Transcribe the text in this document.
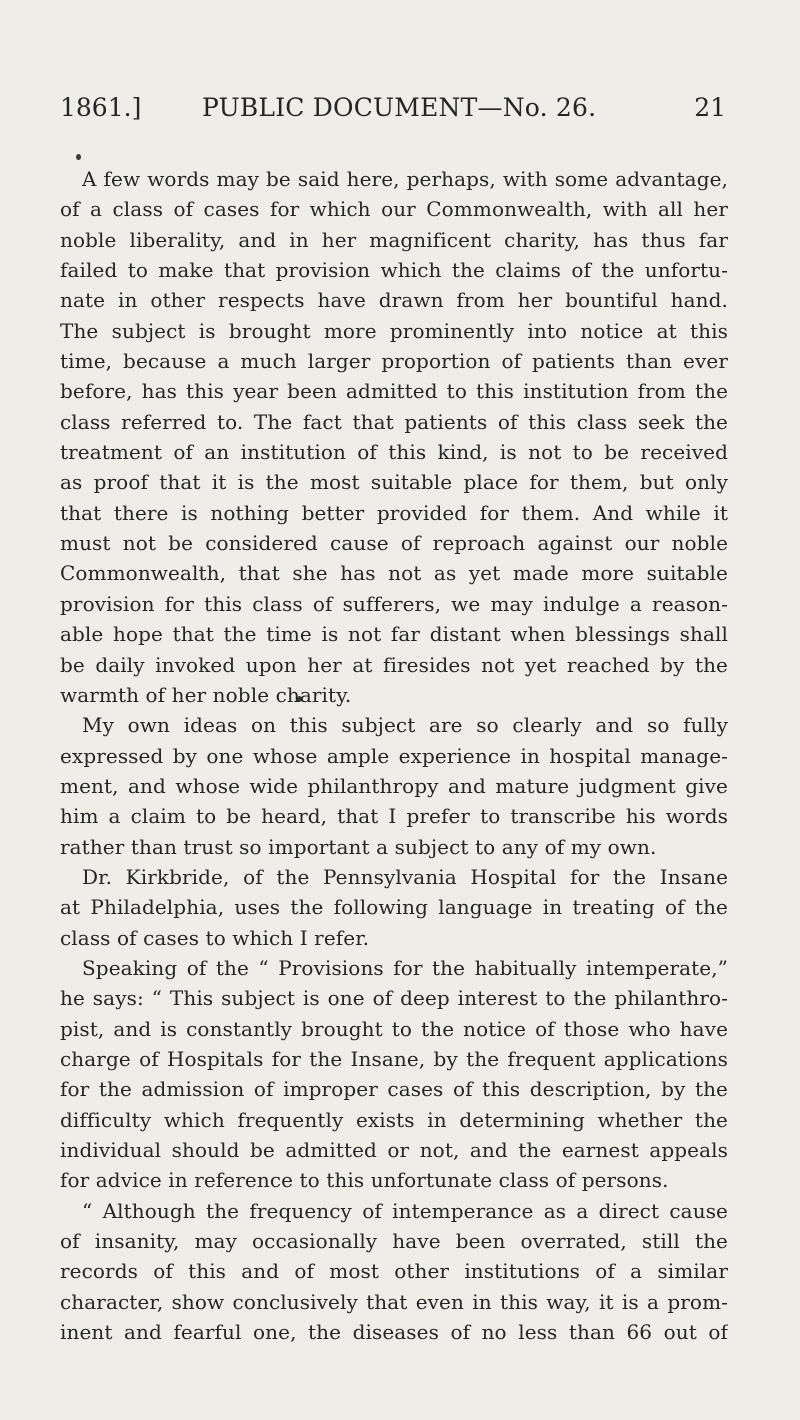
1861.] PUBLIC DOCUMENT—No. 26.	21
A few words may be said here, perhaps, with some advantage,
of a class of cases for which our Commonwealth, with all her
noble liberality, and in her magnificent charity, has thus far
failed to make that provision which the claims of the unfortu-
nate in other respects have drawn from her bountiful hand.
The subject is brought more prominently into notice at this
time, because a much larger proportion of patients than ever
before, has this year been admitted to this institution from the
class referred to. The fact that patients of this class seek the
treatment of an institution of this kind, is not to be received
as proof that it is the most suitable place for them, but only
that there is nothing better provided for them. And while it
must not be considered cause of reproach against our noble
Commonwealth, that she has not as yet made more suitable
provision for this class of sufferers, we may indulge a reason-
able hope that the time is not far distant when blessings shall
be daily invoked upon her at firesides not yet reached by the
warmth of her noble charity.
My own ideas on this subject are so clearly and so fully
expressed by one whose ample experience in hospital manage-
ment, and whose wide philanthropy and mature judgment give
him a claim to be heard, that I prefer to transcribe his words
rather than trust so important a subject to any of my own.
Dr. Kirkbride, of the Pennsylvania Hospital for the Insane
at Philadelphia, uses the following language in treating of the
class of cases to which I refer.
Speaking of the “ Provisions for the habitually intemperate,”
he says: “ This subject is one of deep interest to the philanthro-
pist, and is constantly brought to the notice of those who have
charge of Hospitals for the Insane, by the frequent applications
for the admission of improper cases of this description, by the
difficulty which frequently exists in determining whether the
individual should be admitted or not, and the earnest appeals
for advice in reference to this unfortunate class of persons.
“ Although the frequency of intemperance as a direct cause
of insanity, may occasionally have been overrated, still the
records of this and of most other institutions of a similar
character, show conclusively that even in this way, it is a prom-
inent and fearful one, the diseases of no less than 66 out of
